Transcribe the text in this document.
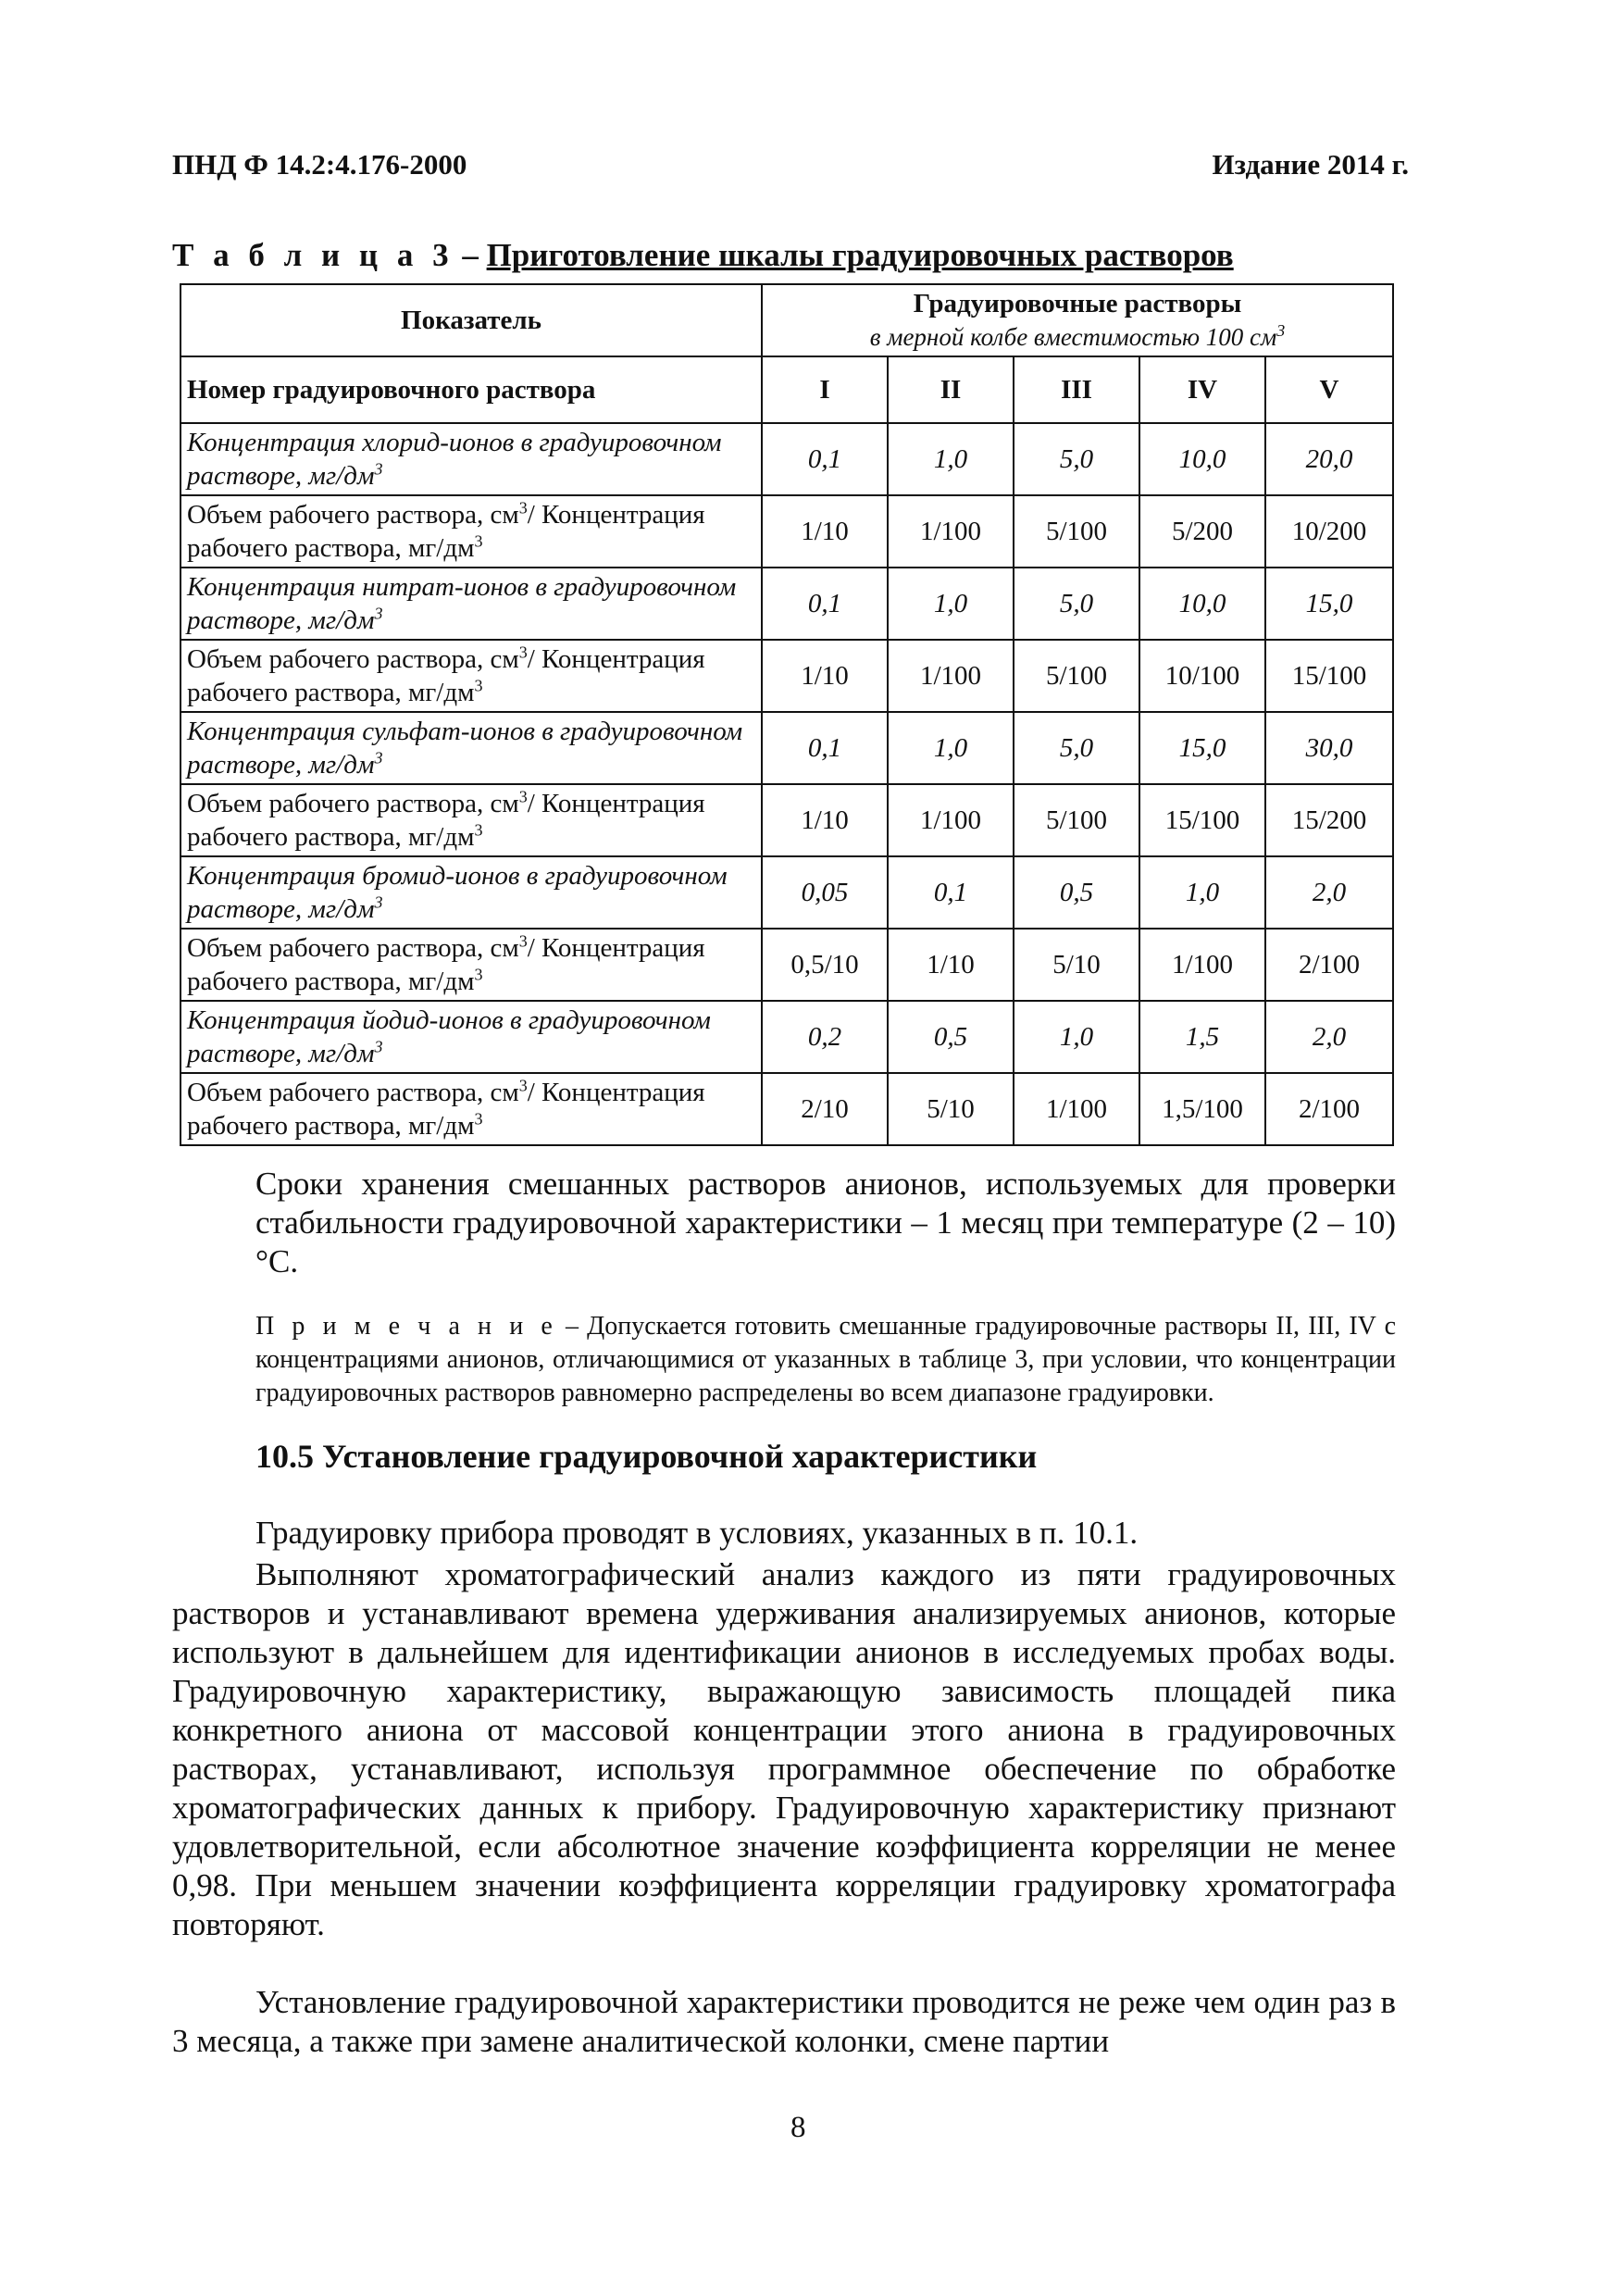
ПНД Ф 14.2:4.176-2000	Издание 2014 г.
Т а б л и ц а 3 – Приготовление шкалы градуировочных растворов
Показатель	Градуировочные растворы
в мерной колбе вместимостью 100 $см^3$

Номер градуировочного раствора	I	II	III	IV	V
Концентрация хлорид-ионов в градуировочном растворе, $мг/дм^3$	0,1	1,0	5,0	10,0	20,0
Объем рабочего раствора, $см^3/$ Концентрация рабочего раствора, $мг/дм^3$	1/10	1/100	5/100	5/200	10/200
Концентрация нитрат-ионов в градуировочном растворе, $мг/дм^3$	0,1	1,0	5,0	10,0	15,0
Объем рабочего раствора, $см^3/$ Концентрация рабочего раствора, $мг/дм^3$	1/10	1/100	5/100	10/100	15/100
Концентрация сульфат-ионов в градуировочном растворе, $мг/дм^3$	0,1	1,0	5,0	15,0	30,0
Объем рабочего раствора, $см^3/$ Концентрация рабочего раствора, $мг/дм^3$	1/10	1/100	5/100	15/100	15/200
Концентрация бромид-ионов в градуировочном растворе, $мг/дм^3$	0,05	0,1	0,5	1,0	2,0
Объем рабочего раствора, $см^3/$ Концентрация рабочего раствора, $мг/дм^3$	0,5/10	1/10	5/10	1/100	2/100
Концентрация йодид-ионов в градуировочном растворе, $мг/дм^3$	0,2	0,5	1,0	1,5	2,0
Объем рабочего раствора, $см^3/$ Концентрация рабочего раствора, $мг/дм^3$	2/10	5/10	1/100	1,5/100	2/100
Сроки хранения смешанных растворов анионов, используемых для проверки стабильности градуировочной характеристики – 1 месяц при температуре (2 – 10) °С.
П р и м е ч а н и е – Допускается готовить смешанные градуировочные растворы II, III, IV с концентрациями анионов, отличающимися от указанных в таблице 3, при условии, что концентрации градуировочных растворов равномерно распределены во всем диапазоне градуировки.
10.5 Установление градуировочной характеристики
Градуировку прибора проводят в условиях, указанных в п. 10.1.
Выполняют хроматографический анализ каждого из пяти градуировочных растворов и устанавливают времена удерживания анализируемых анионов, которые используют в дальнейшем для идентификации анионов в исследуемых пробах воды. Градуировочную характеристику, выражающую зависимость площадей пика конкретного аниона от массовой концентрации этого аниона в градуировочных растворах, устанавливают, используя программное обеспечение по обработке хроматографических данных к прибору. Градуировочную характеристику признают удовлетворительной, если абсолютное значение коэффициента корреляции не менее 0,98. При меньшем значении коэффициента корреляции градуировку хроматографа повторяют.
Установление градуировочной характеристики проводится не реже чем один раз в 3 месяца, а также при замене аналитической колонки, смене партии
8
